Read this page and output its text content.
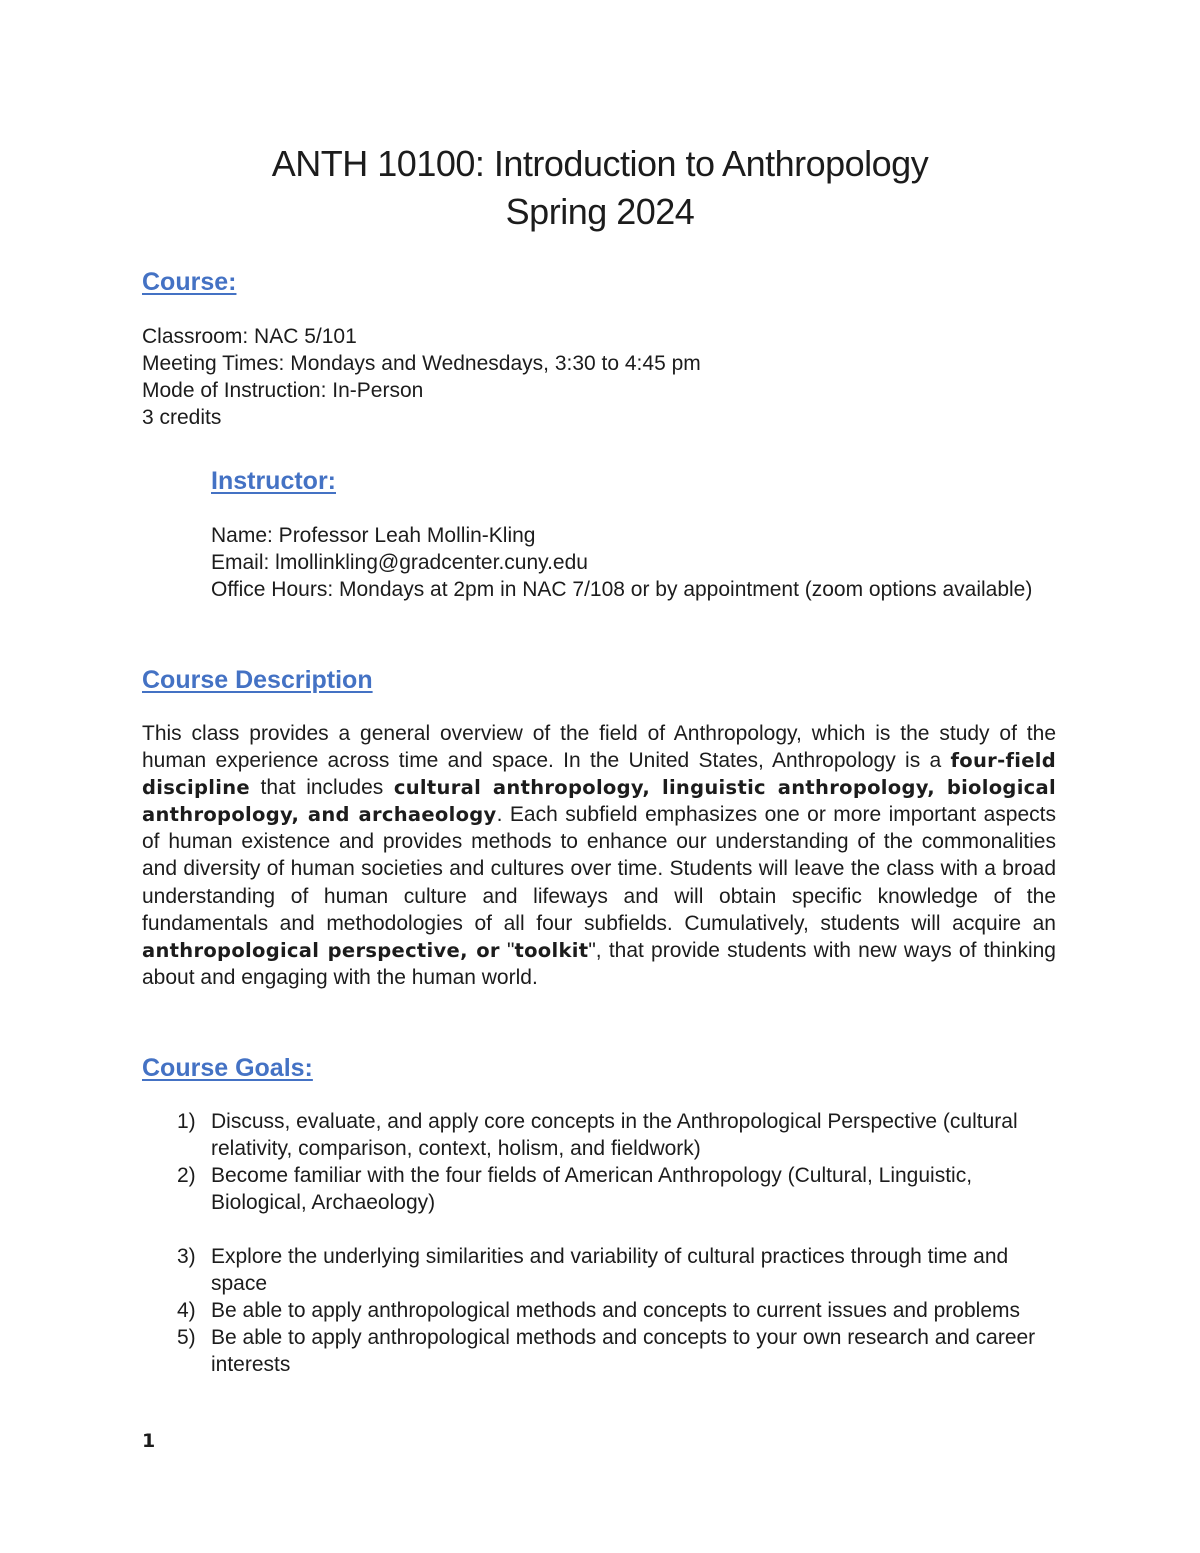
ANTH 10100: Introduction to Anthropology
Spring 2024
Course:
Classroom: NAC 5/101
Meeting Times: Mondays and Wednesdays, 3:30 to 4:45 pm
Mode of Instruction: In-Person
3 credits
Instructor:
Name: Professor Leah Mollin-Kling
Email: lmollinkling@gradcenter.cuny.edu
Office Hours: Mondays at 2pm in NAC 7/108 or by appointment (zoom options available)
Course Description
This class provides a general overview of the field of Anthropology, which is the study of the human experience across time and space. In the United States, Anthropology is a four-field discipline that includes cultural anthropology, linguistic anthropology, biological anthropology, and archaeology. Each subfield emphasizes one or more important aspects of human existence and provides methods to enhance our understanding of the commonalities and diversity of human societies and cultures over time. Students will leave the class with a broad understanding of human culture and lifeways and will obtain specific knowledge of the fundamentals and methodologies of all four subfields. Cumulatively, students will acquire an anthropological perspective, or "toolkit", that provide students with new ways of thinking about and engaging with the human world.
Course Goals:
1) Discuss, evaluate, and apply core concepts in the Anthropological Perspective (cultural relativity, comparison, context, holism, and fieldwork)
2) Become familiar with the four fields of American Anthropology (Cultural, Linguistic, Biological, Archaeology)
3) Explore the underlying similarities and variability of cultural practices through time and space
4) Be able to apply anthropological methods and concepts to current issues and problems
5) Be able to apply anthropological methods and concepts to your own research and career interests
1
